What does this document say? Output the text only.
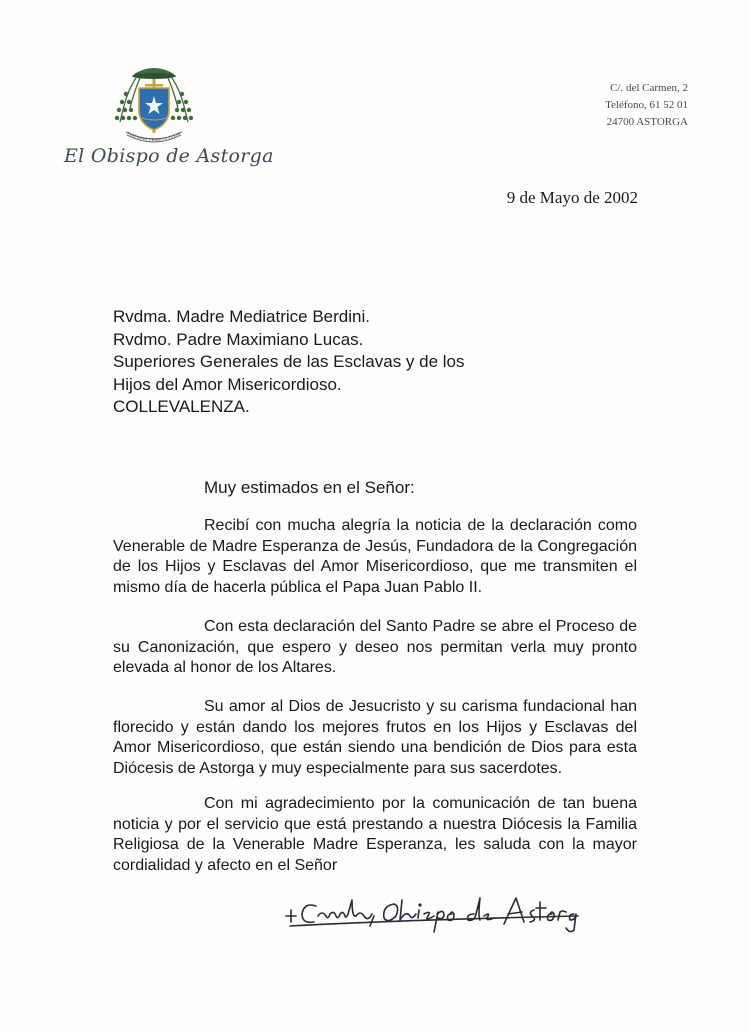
FIAT MIHI VERBUM TUUM
El Obispo de Astorga
C/. del Carmen, 2
Teléfono, 61 52 01
24700 ASTORGA
9 de Mayo de 2002
Rvdma. Madre Mediatrice Berdini.
Rvdmo. Padre Maximiano Lucas.
Superiores Generales de las Esclavas y de los
Hijos del Amor Misericordioso.
COLLEVALENZA.
Muy estimados en el Señor:

Recibí con mucha alegría la noticia de la declaración como Venerable de Madre Esperanza de Jesús, Fundadora de la Congregación de los Hijos y Esclavas del Amor Misericordioso, que me transmiten el mismo día de hacerla pública el Papa Juan Pablo II.

Con esta declaración del Santo Padre se abre el Proceso de su Canonización, que espero y deseo nos permitan verla muy pronto elevada al honor de los Altares.

Su amor al Dios de Jesucristo y su carisma fundacional han florecido y están dando los mejores frutos en los Hijos y Esclavas del Amor Misericordioso, que están siendo una bendición de Dios para esta Diócesis de Astorga y muy especialmente para sus sacerdotes.

Con mi agradecimiento por la comunicación de tan buena noticia y por el servicio que está prestando a nuestra Diócesis la Familia Religiosa de la Venerable Madre Esperanza, les saluda con la mayor cordialidad y afecto en el Señor
